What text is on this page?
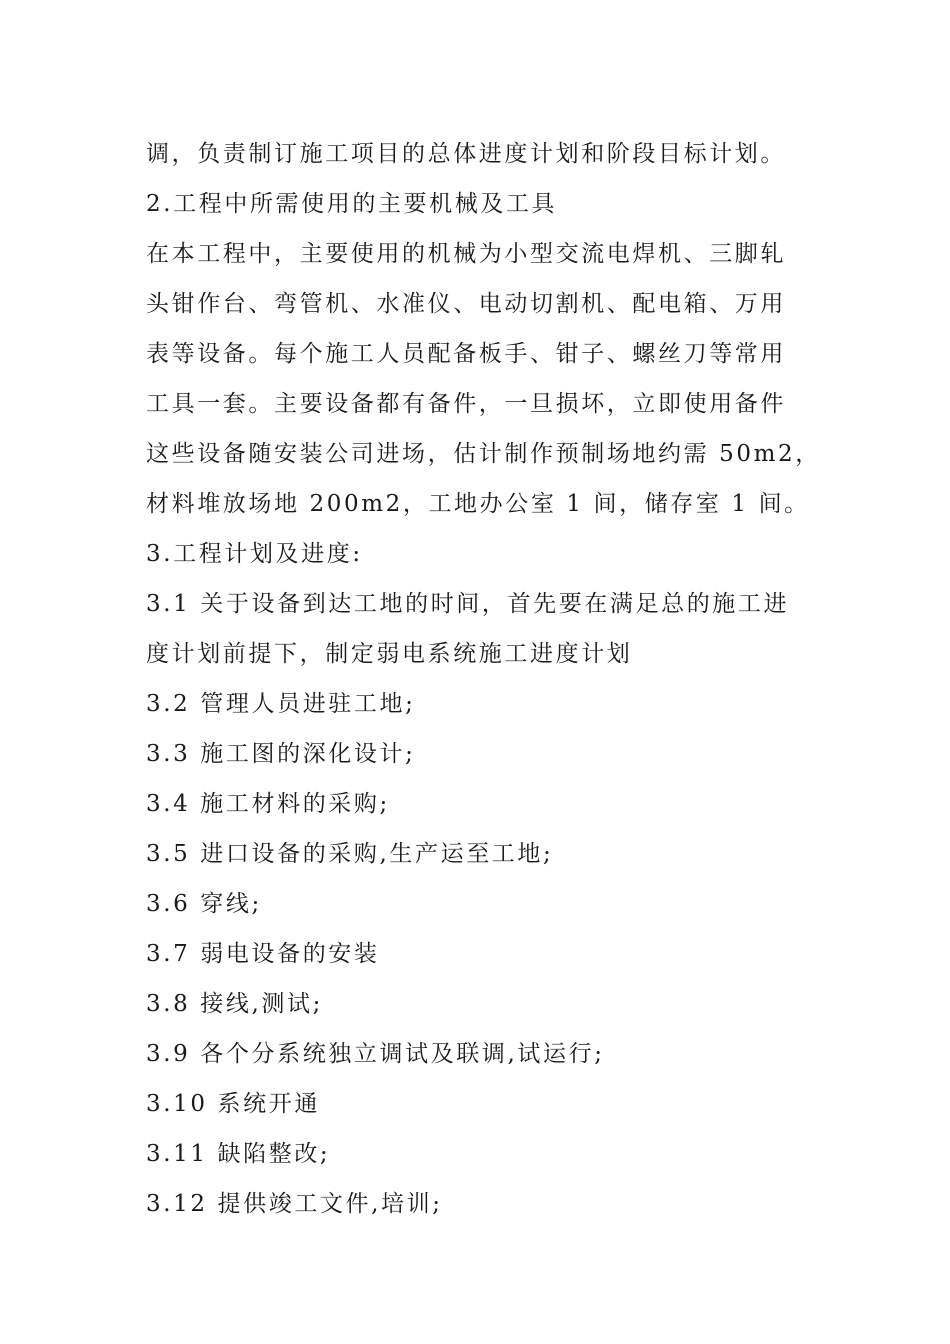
调，负责制订施工项目的总体进度计划和阶段目标计划。
2.工程中所需使用的主要机械及工具
在本工程中，主要使用的机械为小型交流电焊机、三脚轧
头钳作台、弯管机、水准仪、电动切割机、配电箱、万用
表等设备。每个施工人员配备板手、钳子、螺丝刀等常用
工具一套。主要设备都有备件，一旦损坏，立即使用备件
这些设备随安装公司进场，估计制作预制场地约需 50m2，
材料堆放场地 200m2，工地办公室 1 间，储存室 1 间。
3.工程计划及进度:
3.1 关于设备到达工地的时间，首先要在满足总的施工进
度计划前提下，制定弱电系统施工进度计划
3.2 管理人员进驻工地;
3.3 施工图的深化设计;
3.4 施工材料的采购;
3.5 进口设备的采购,生产运至工地;
3.6 穿线;
3.7 弱电设备的安装
3.8 接线,测试;
3.9 各个分系统独立调试及联调,试运行;
3.10 系统开通
3.11 缺陷整改;
3.12 提供竣工文件,培训;
